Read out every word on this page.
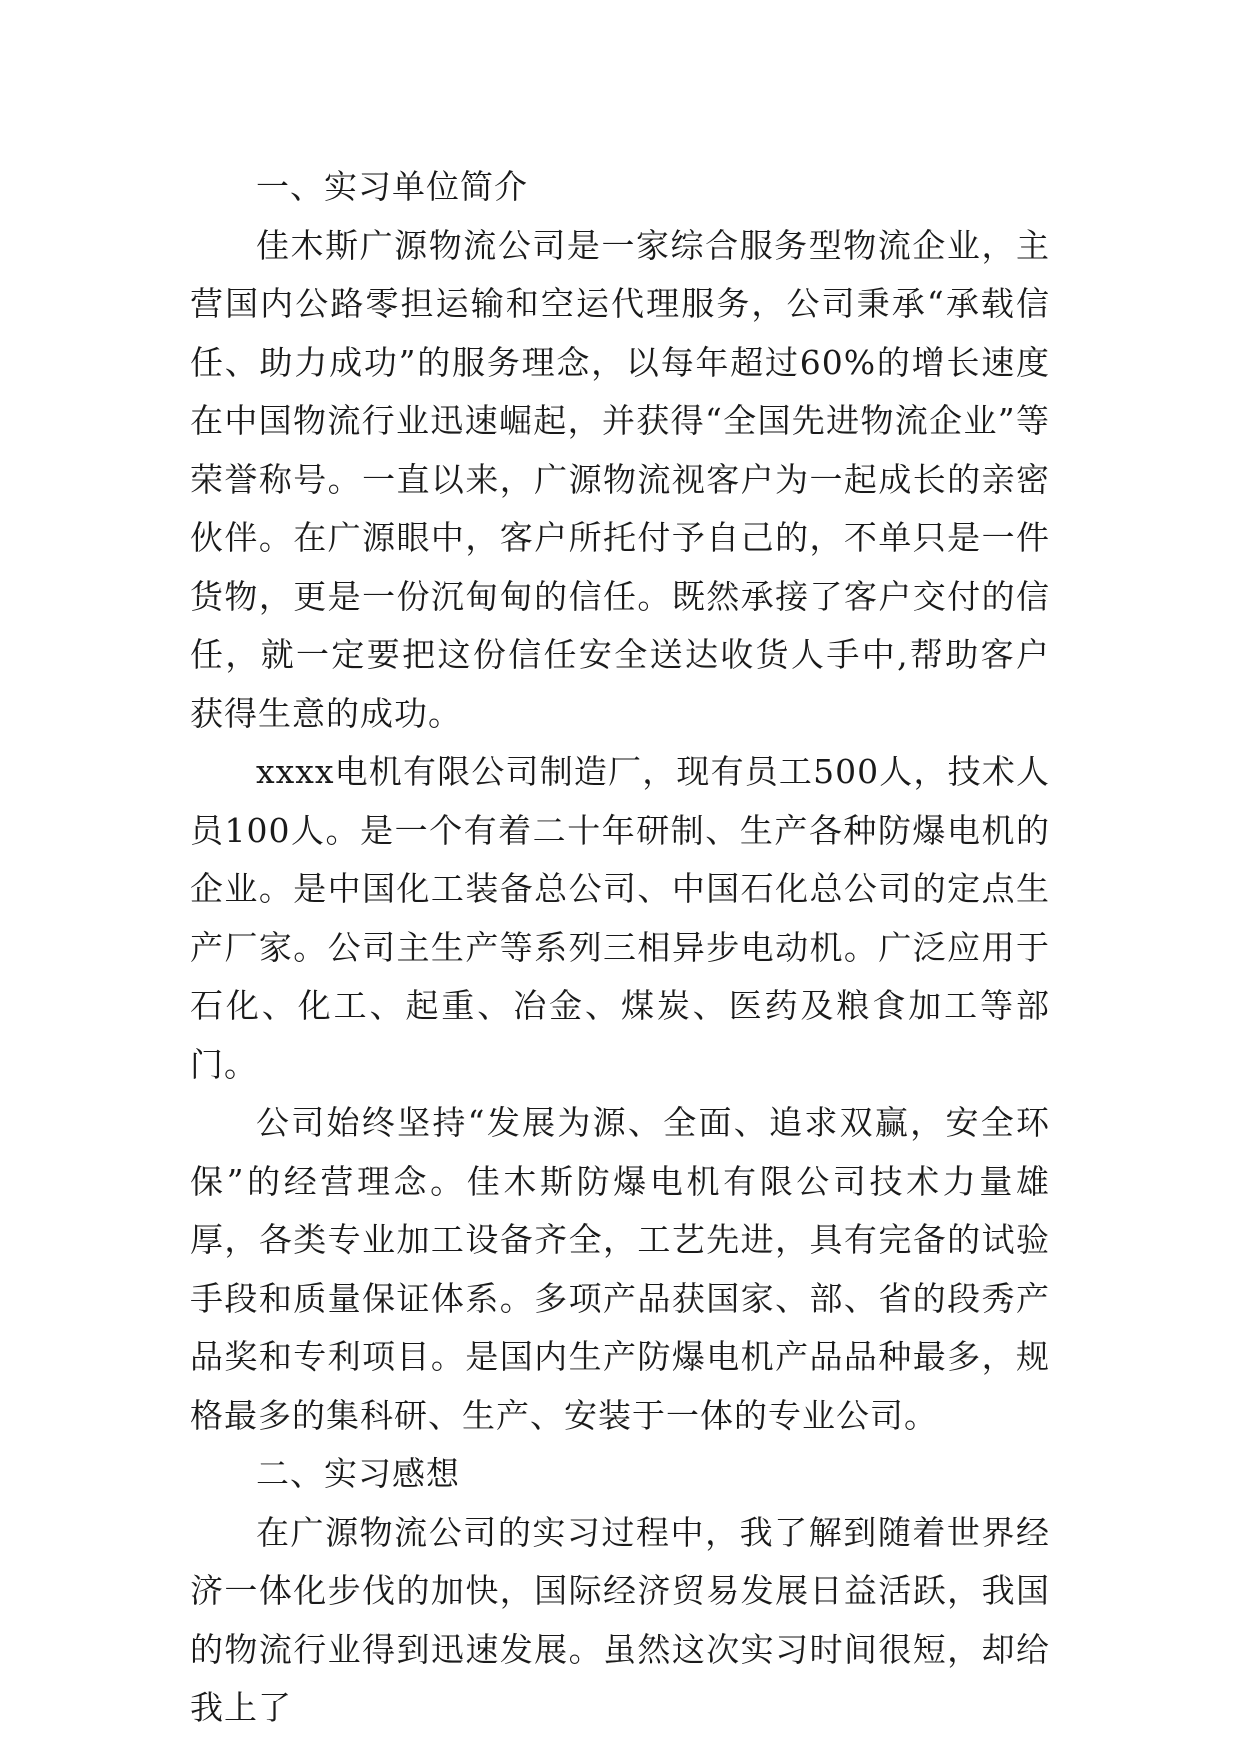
一、实习单位简介

佳木斯广源物流公司是一家综合服务型物流企业，主营国内公路零担运输和空运代理服务，公司秉承“承载信任、助力成功”的服务理念，以每年超过60%的增长速度在中国物流行业迅速崛起，并获得“全国先进物流企业”等荣誉称号。一直以来，广源物流视客户为一起成长的亲密伙伴。在广源眼中，客户所托付予自己的，不单只是一件货物，更是一份沉甸甸的信任。既然承接了客户交付的信任，就一定要把这份信任安全送达收货人手中,帮助客户获得生意的成功。

xxxx电机有限公司制造厂，现有员工500人，技术人员100人。是一个有着二十年研制、生产各种防爆电机的企业。是中国化工装备总公司、中国石化总公司的定点生产厂家。公司主生产等系列三相异步电动机。广泛应用于石化、化工、起重、冶金、煤炭、医药及粮食加工等部门。

公司始终坚持“发展为源、全面、追求双赢，安全环保”的经营理念。佳木斯防爆电机有限公司技术力量雄厚，各类专业加工设备齐全，工艺先进，具有完备的试验手段和质量保证体系。多项产品获国家、部、省的段秀产品奖和专利项目。是国内生产防爆电机产品品种最多，规格最多的集科研、生产、安装于一体的专业公司。

二、实习感想

在广源物流公司的实习过程中，我了解到随着世界经济一体化步伐的加快，国际经济贸易发展日益活跃，我国的物流行业得到迅速发展。虽然这次实习时间很短，却给我上了
